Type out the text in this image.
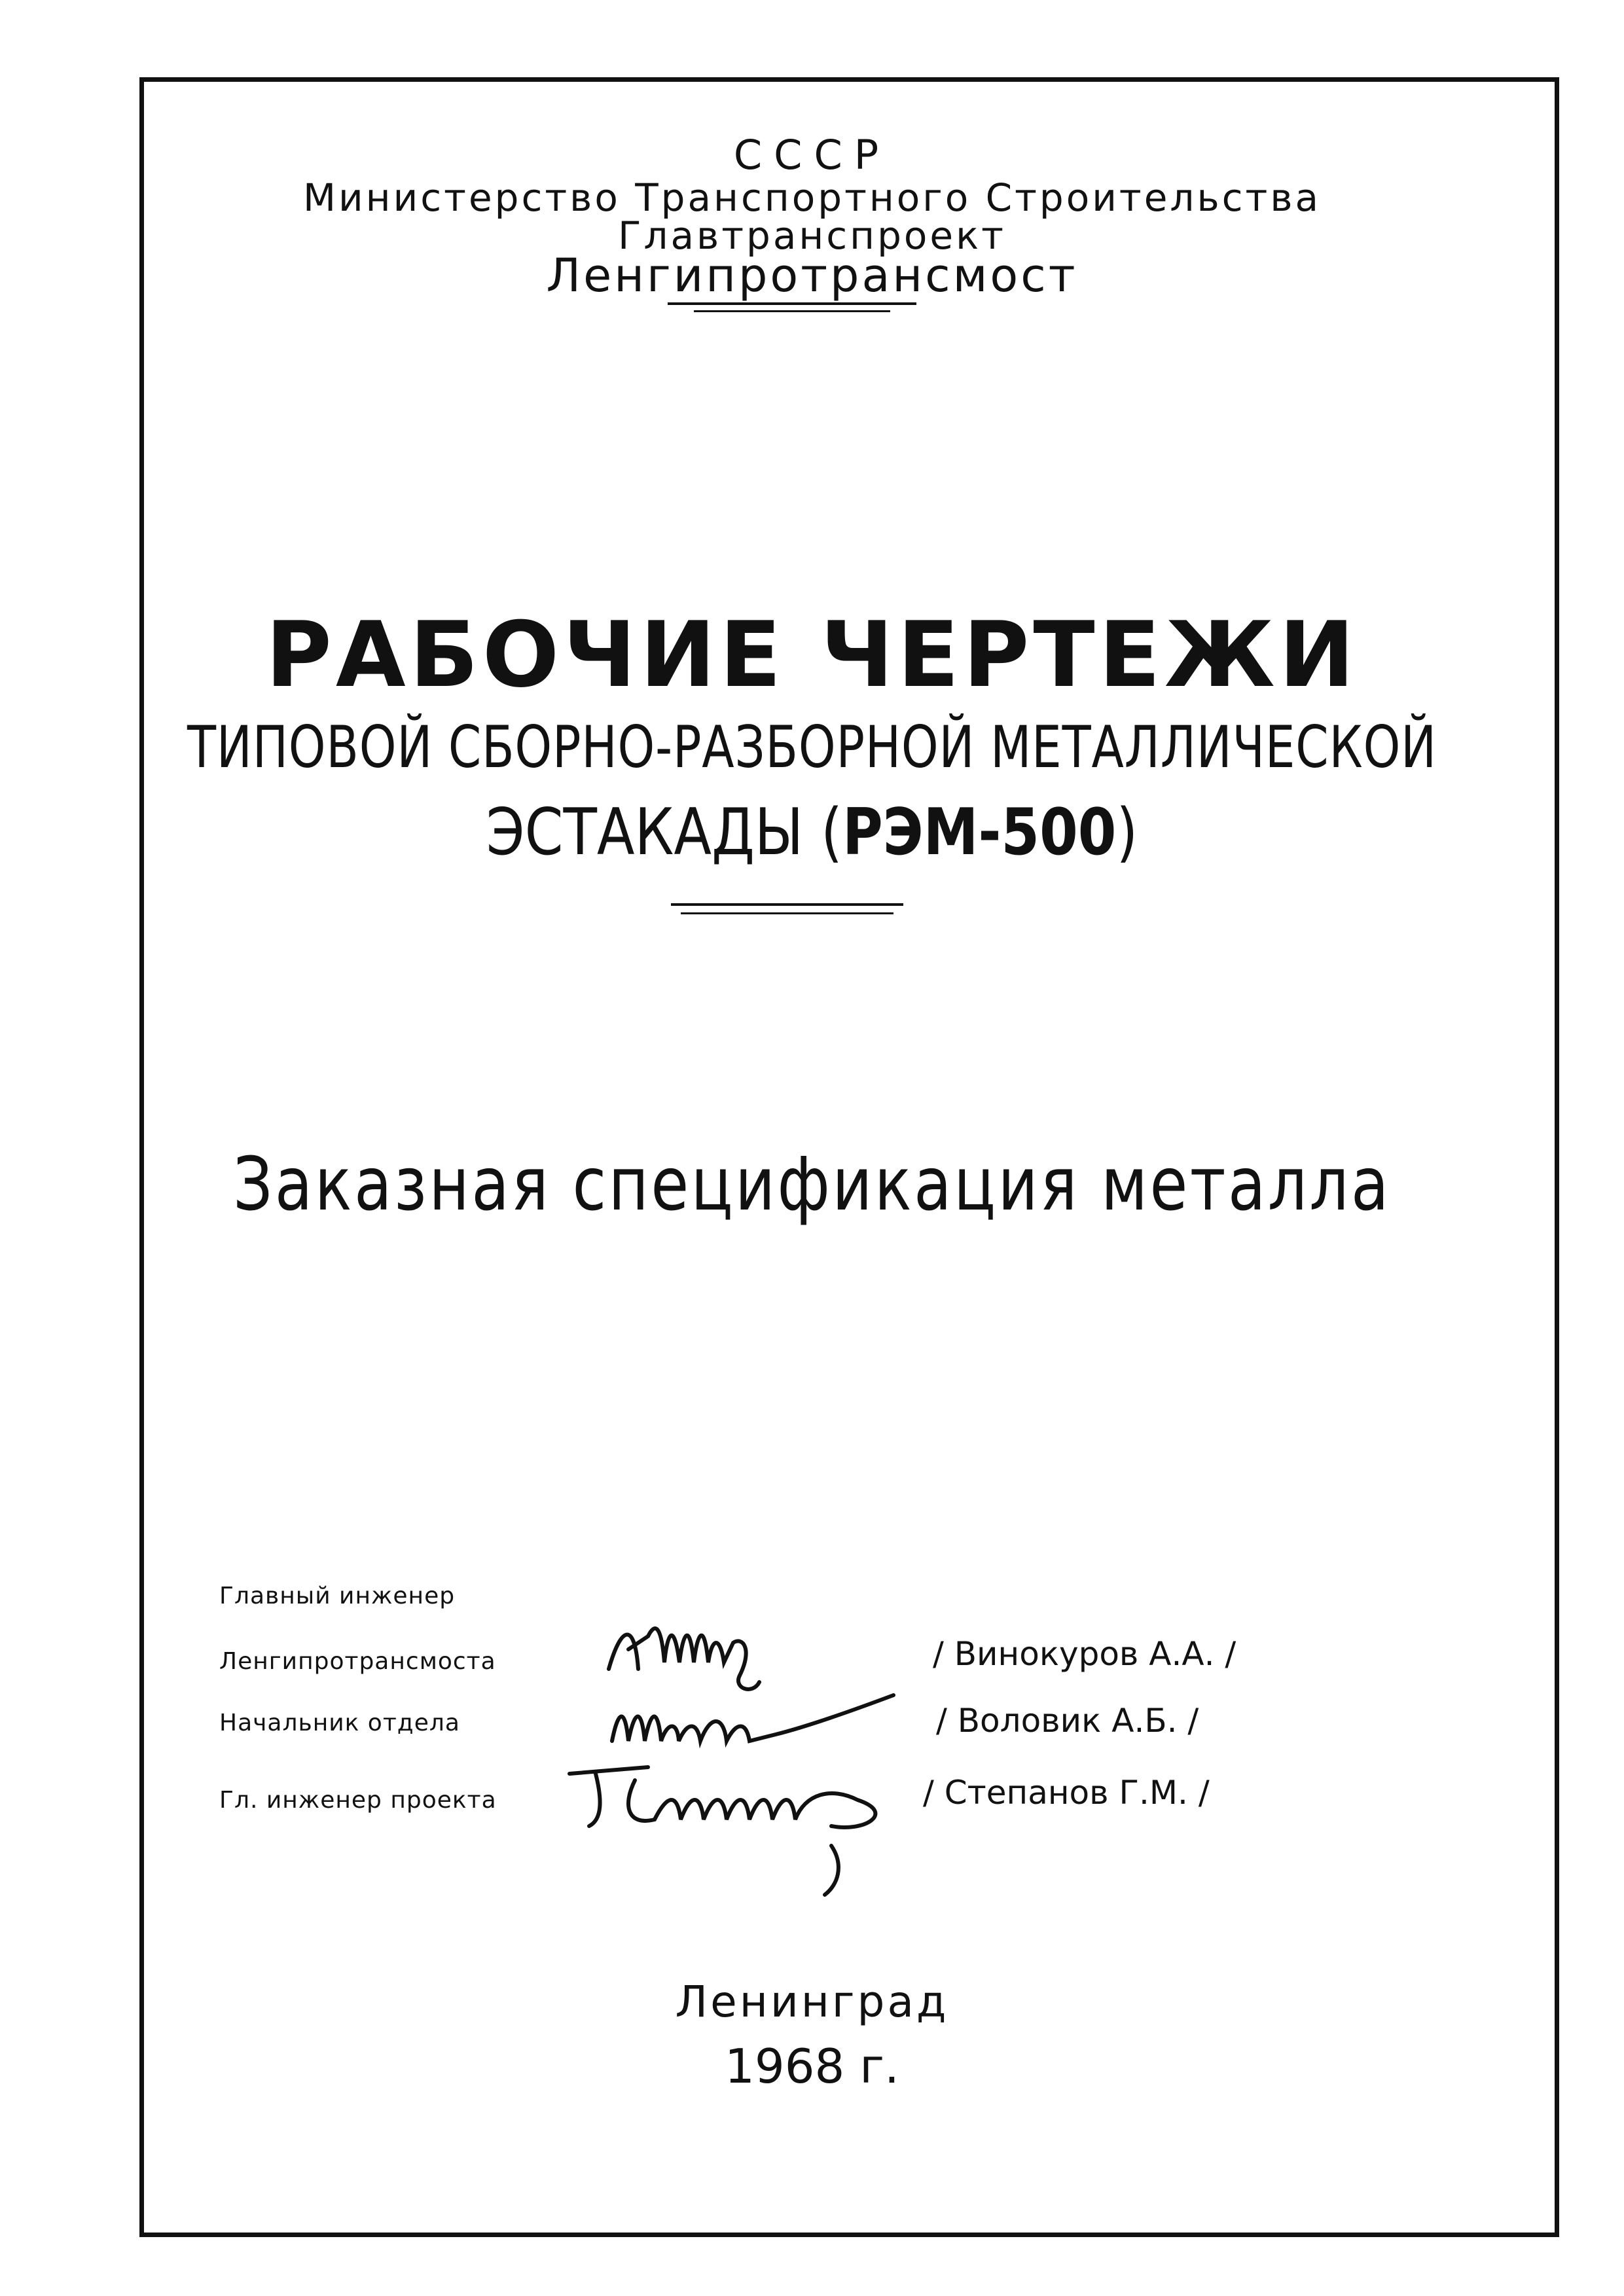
СССР
Министерство Транспортного Строительства
Главтранспроект
Ленгипротрансмост
РАБОЧИЕ ЧЕРТЕЖИ
ТИПОВОЙ СБОРНО-РАЗБОРНОЙ МЕТАЛЛИЧЕСКОЙ
ЭСТАКАДЫ (РЭМ-500)
Заказная спецификация металла
Главный инженер
Ленгипротрансмоста	/ Винокуров А.А. /
Начальник отдела	/ Воловик А.Б. /
Гл. инженер проекта	/ Степанов Г.М. /
Ленинград
1968 г.
